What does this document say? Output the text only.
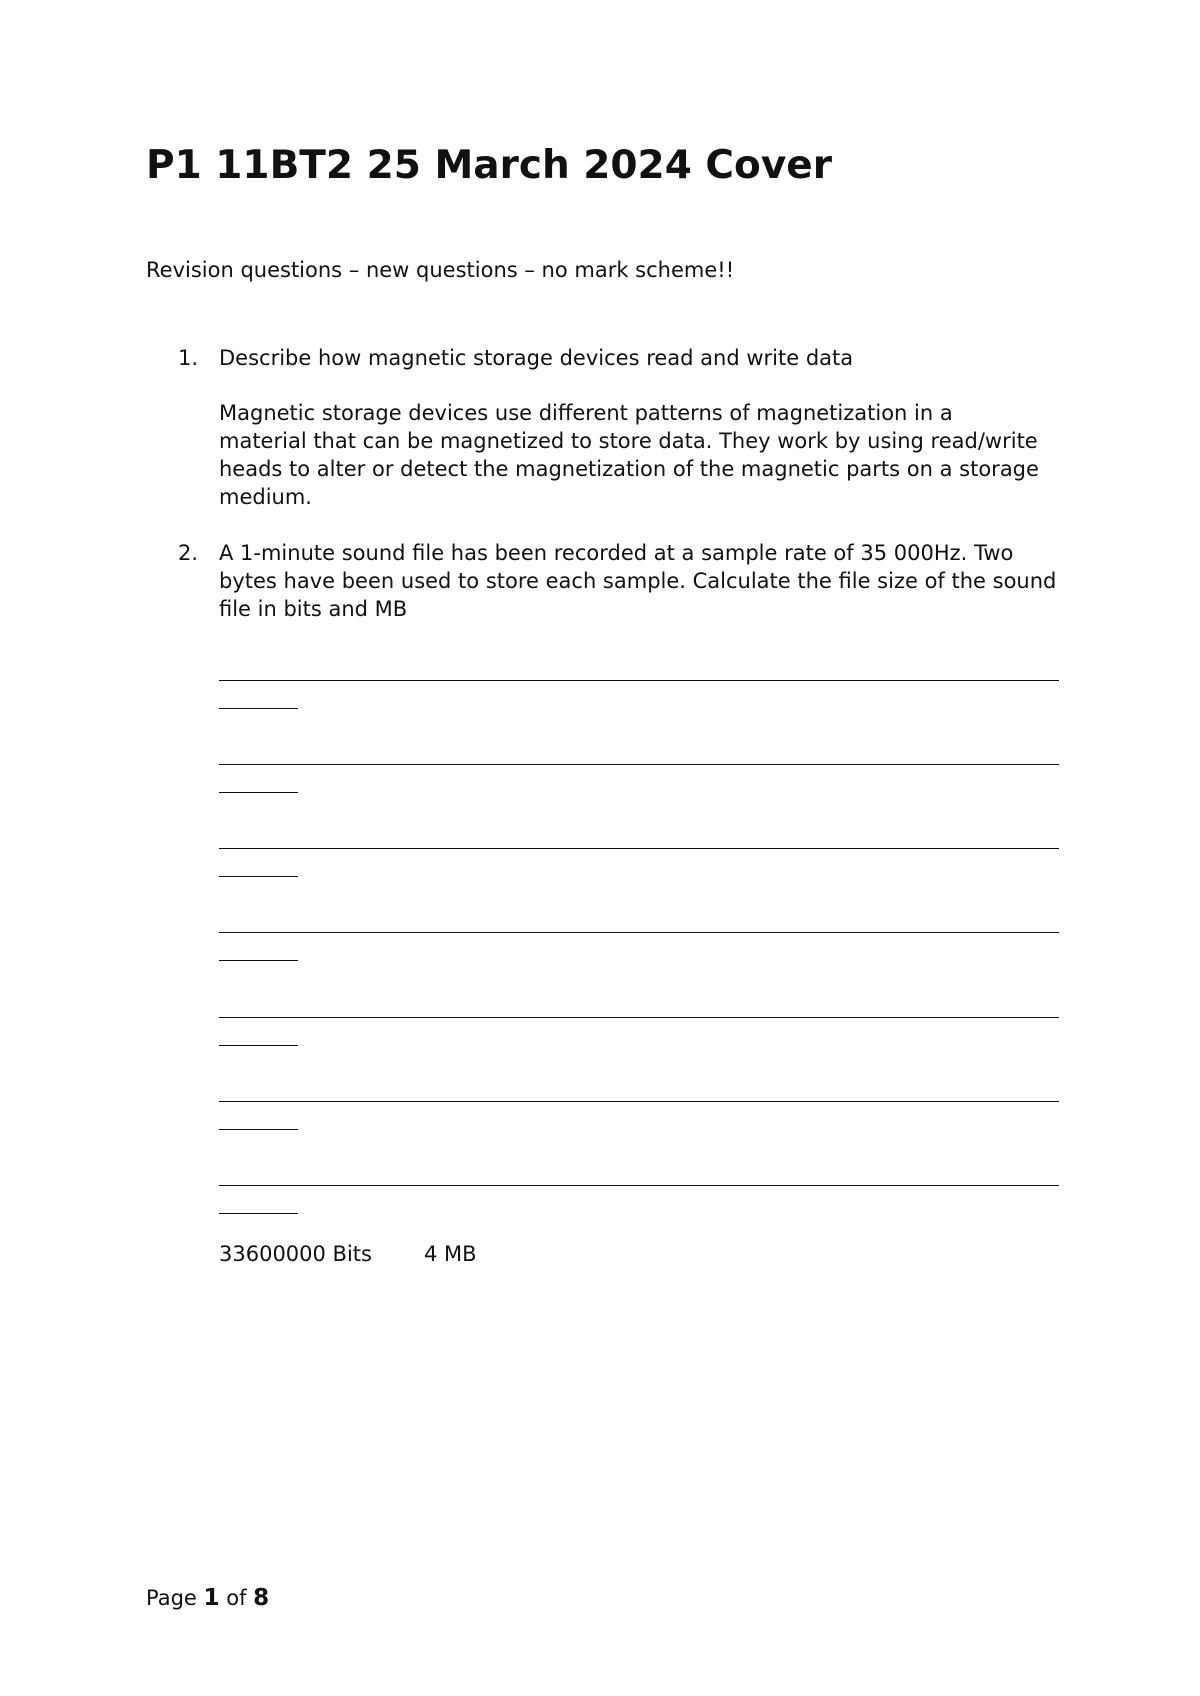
P1 11BT2 25 March 2024 Cover
Revision questions – new questions – no mark scheme!!
1. Describe how magnetic storage devices read and write data
Magnetic storage devices use different patterns of magnetization in a material that can be magnetized to store data. They work by using read/write heads to alter or detect the magnetization of the magnetic parts on a storage medium.
2. A 1-minute sound file has been recorded at a sample rate of 35 000Hz. Two bytes have been used to store each sample. Calculate the file size of the sound file in bits and MB
33600000 Bits 4 MB
Page 1 of 8
